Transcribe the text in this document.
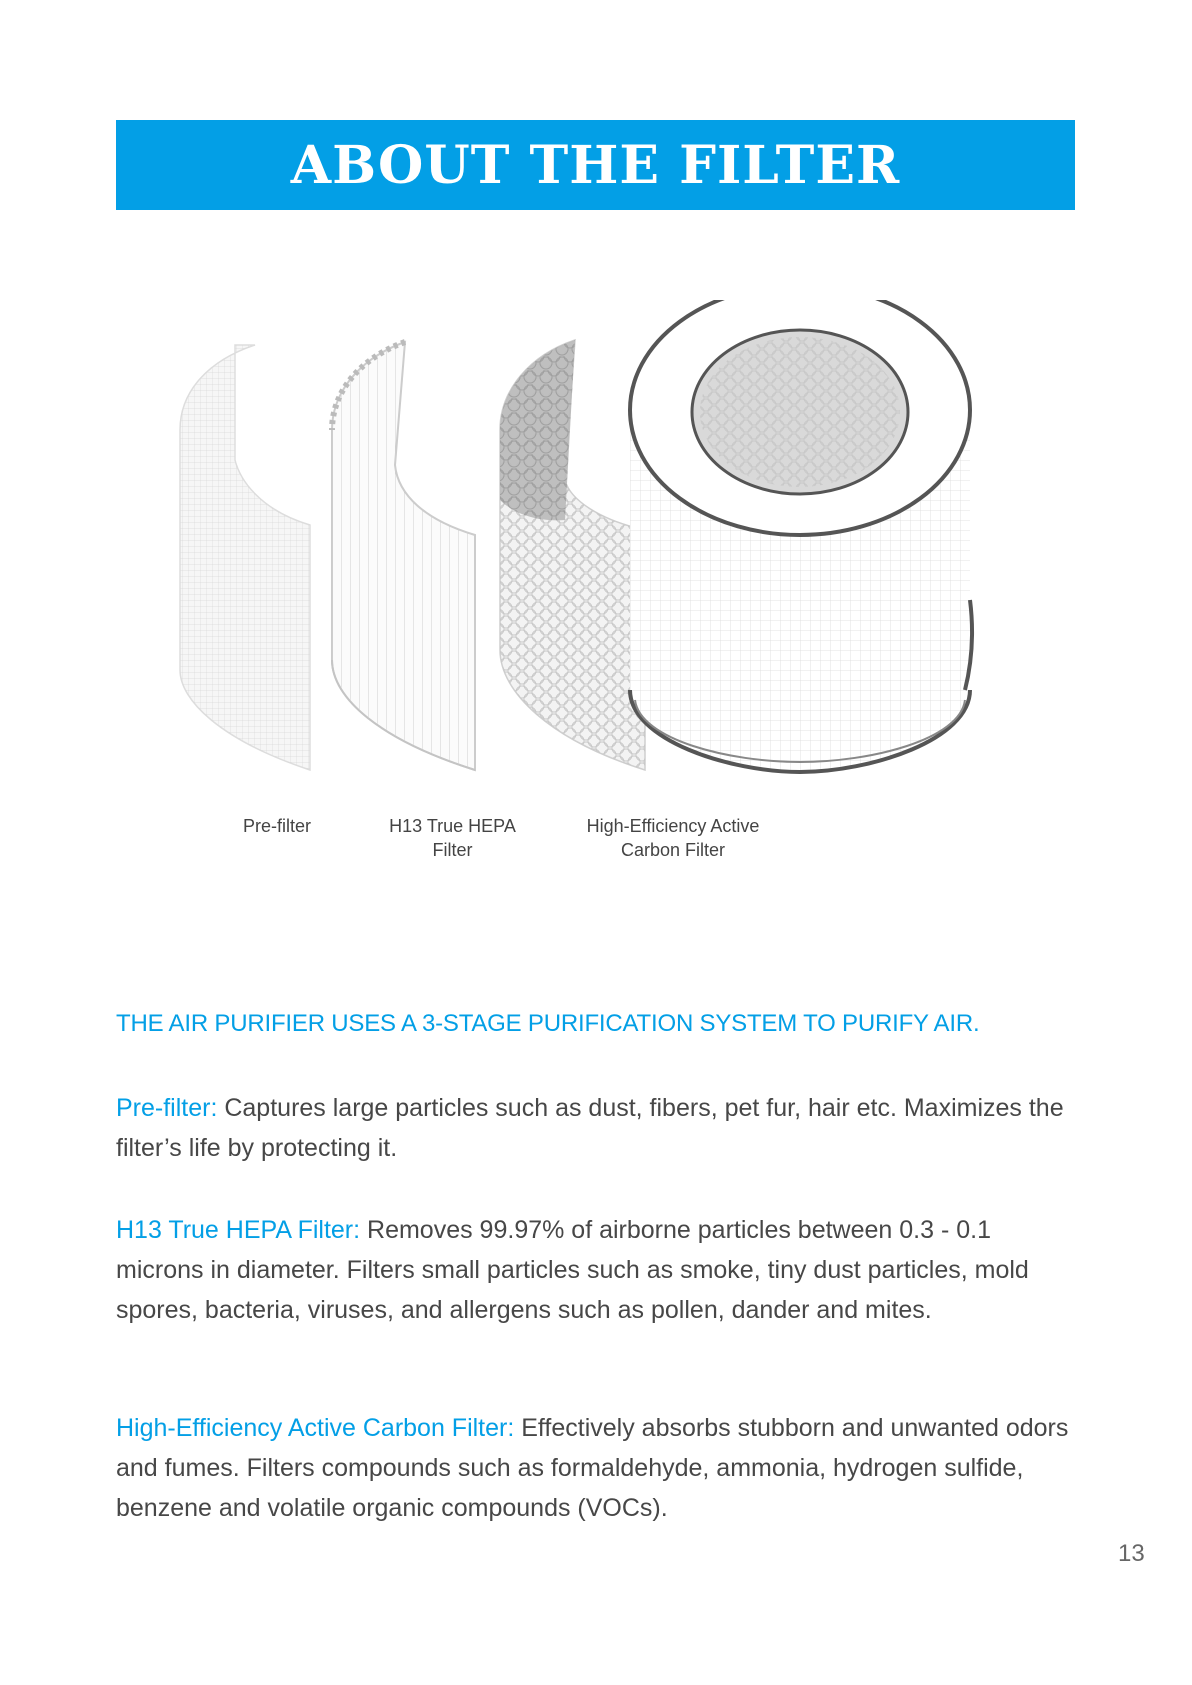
ABOUT THE FILTER
Pre-filter	H13 True HEPA
Filter
High-Efficiency Active
Carbon Filter
THE AIR PURIFIER USES A 3-STAGE PURIFICATION SYSTEM TO PURIFY AIR.

Pre-filter: Captures large particles such as dust, fibers, pet fur, hair etc. Maximizes the filter’s life by protecting it.

H13 True HEPA Filter: Removes 99.97% of airborne particles between 0.3 - 0.1 microns in diameter. Filters small particles such as smoke, tiny dust particles, mold spores, bacteria, viruses, and allergens such as pollen, dander and mites.

High-Efficiency Active Carbon Filter: Effectively absorbs stubborn and unwanted odors and fumes. Filters compounds such as formaldehyde, ammonia, hydrogen sulfide, benzene and volatile organic compounds (VOCs).

13
